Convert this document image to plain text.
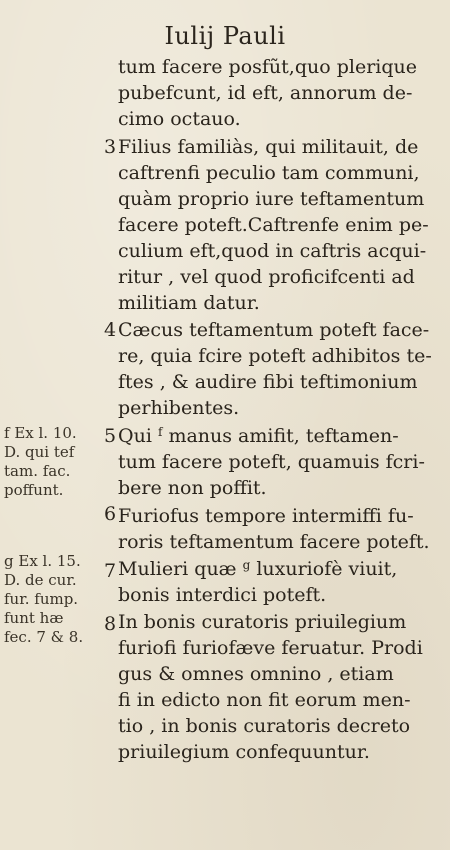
Iulij Pauli
tum facere posfũt,quo plerique
pubefcunt, id eft, annorum de-
cimo octauo.
3 Filius familiàs, qui militauit, de
caftrenfi peculio tam communi,
quàm proprio iure teftamentum
facere poteft.Caftrenfe enim pe-
culium eft,quod in caftris acqui-
ritur , vel quod proficifcenti ad
militiam datur.
4 Cæcus teftamentum poteft face-
re, quia fcire poteft adhibitos te-
ftes , & audire fibi teftimonium
perhibentes.
5 Qui $^f$ manus amifit, teftamen-
tum facere poteft, quamuis fcri-
bere non poffit.
6 Furiofus tempore intermiffi fu-
roris teftamentum facere poteft.
7 Mulieri quæ $^g$ luxuriofè viuit,
bonis interdici poteft.
8 In bonis curatoris priuilegium
furiofi furiofæve feruatur. Prodi
gus & omnes omnino , etiam
fi in edicto non fit eorum men-
tio , in bonis curatoris decreto
priuilegium confequuntur.
f Ex l. 10.
D. qui tef
tam. fac.
poffunt.
g Ex l. 15.
D. de cur.
fur. fump.
funt hæ
fec. 7 & 8.
